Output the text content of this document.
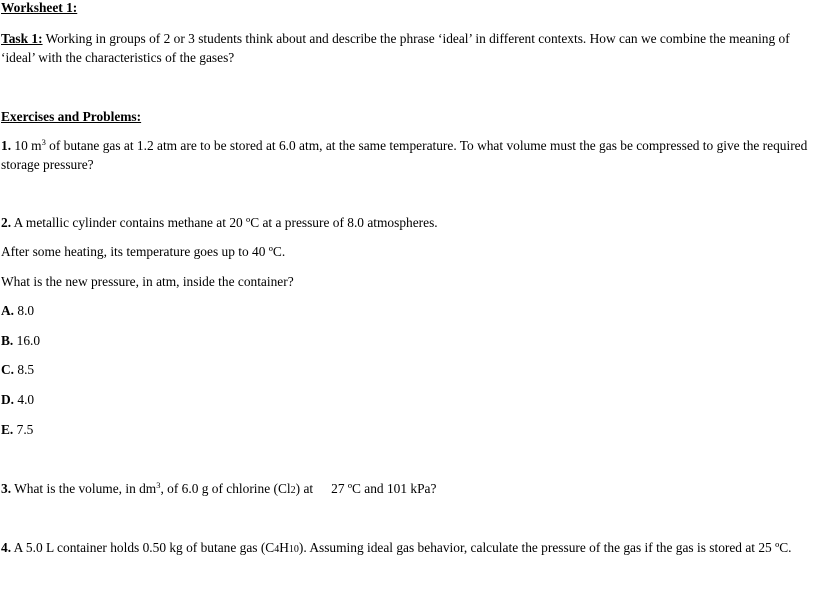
Worksheet 1:
Task 1: Working in groups of 2 or 3 students think about and describe the phrase ‘ideal’ in different contexts. How can we combine the meaning of ‘ideal’ with the characteristics of the gases?
Exercises and Problems:
1. 10 $m^3$ of butane gas at 1.2 atm are to be stored at 6.0 atm, at the same temperature. To what volume must the gas be compressed to give the required storage pressure?
2. A metallic cylinder contains methane at 20 ºC at a pressure of 8.0 atmospheres.
After some heating, its temperature goes up to 40 ºC.
What is the new pressure, in atm, inside the container?
A. 8.0
B. 16.0
C. 8.5
D. 4.0
E. 7.5
3. What is the volume, in $dm^3$, of 6.0 g of chlorine (Cl2) at 27 ºC and 101 kPa?
4. A 5.0 L container holds 0.50 kg of butane gas (C4H10). Assuming ideal gas behavior, calculate the pressure of the gas if the gas is stored at 25 ºC.
